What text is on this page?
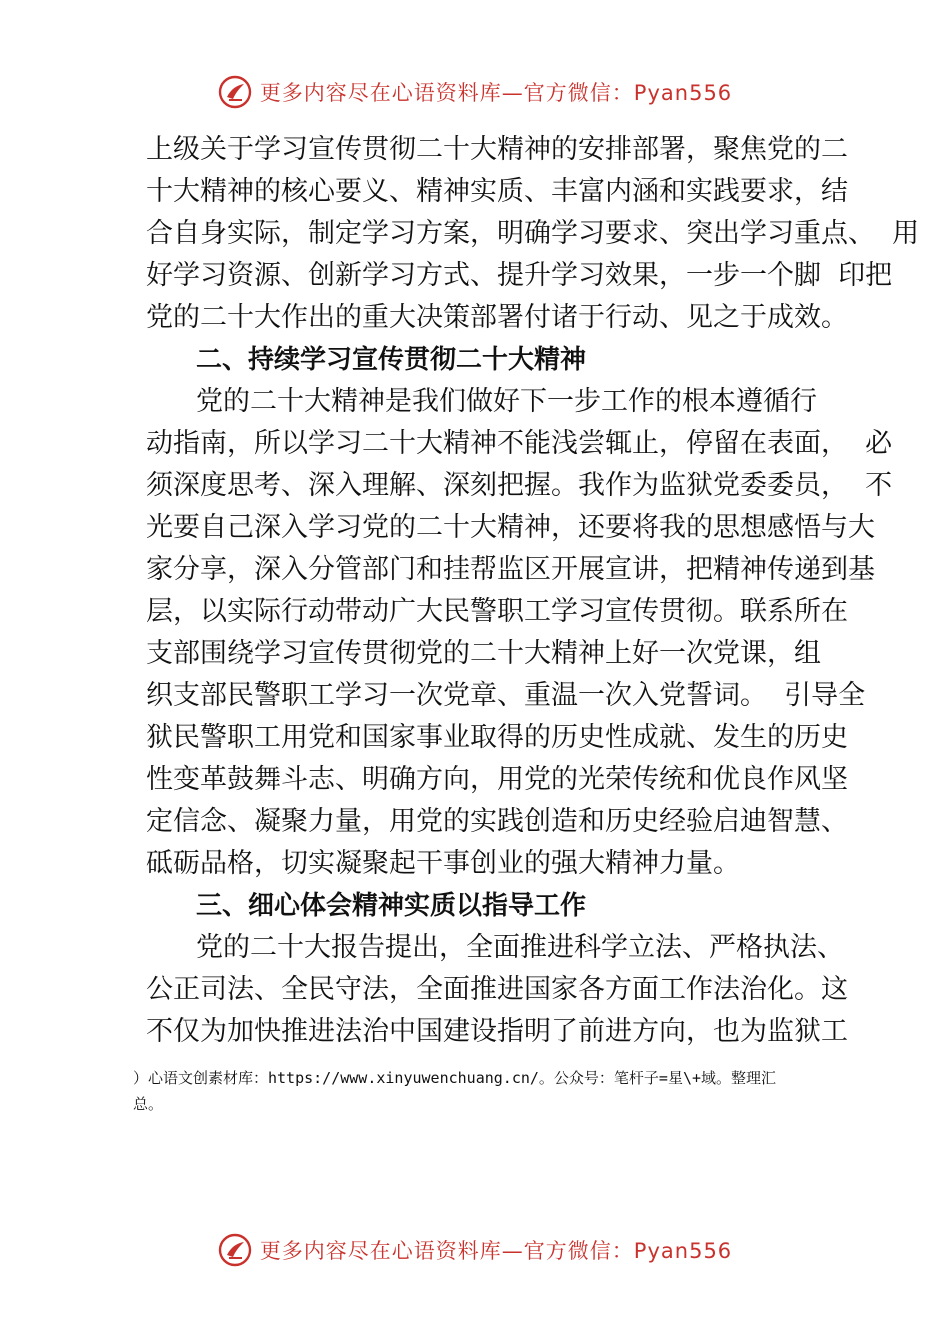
更多内容尽在心语资料库—官方微信：Pyan556
上级关于学习宣传贯彻二十大精神的安排部署，聚焦党的二
十大精神的核心要义、精神实质、丰富内涵和实践要求，结
合自身实际，制定学习方案，明确学习要求、突出学习重点、  用
好学习资源、创新学习方式、提升学习效果，一步一个脚  印把
党的二十大作出的重大决策部署付诸于行动、见之于成效。
二、持续学习宣传贯彻二十大精神
党的二十大精神是我们做好下一步工作的根本遵循行
动指南，所以学习二十大精神不能浅尝辄止，停留在表面，  必
须深度思考、深入理解、深刻把握。我作为监狱党委委员，  不
光要自己深入学习党的二十大精神，还要将我的思想感悟与大
家分享，深入分管部门和挂帮监区开展宣讲，把精神传递到基
层，以实际行动带动广大民警职工学习宣传贯彻。联系所在
支部围绕学习宣传贯彻党的二十大精神上好一次党课，组
织支部民警职工学习一次党章、重温一次入党誓词。  引导全
狱民警职工用党和国家事业取得的历史性成就、发生的历史
性变革鼓舞斗志、明确方向，用党的光荣传统和优良作风坚
定信念、凝聚力量，用党的实践创造和历史经验启迪智慧、
砥砺品格，切实凝聚起干事创业的强大精神力量。
三、细心体会精神实质以指导工作
党的二十大报告提出，全面推进科学立法、严格执法、
公正司法、全民守法，全面推进国家各方面工作法治化。这
不仅为加快推进法治中国建设指明了前进方向，也为监狱工
）心语文创素材库：https://www.xinyuwenchuang.cn/。公众号：笔杆子=星\+域。整理汇
总。
更多内容尽在心语资料库—官方微信：Pyan556
